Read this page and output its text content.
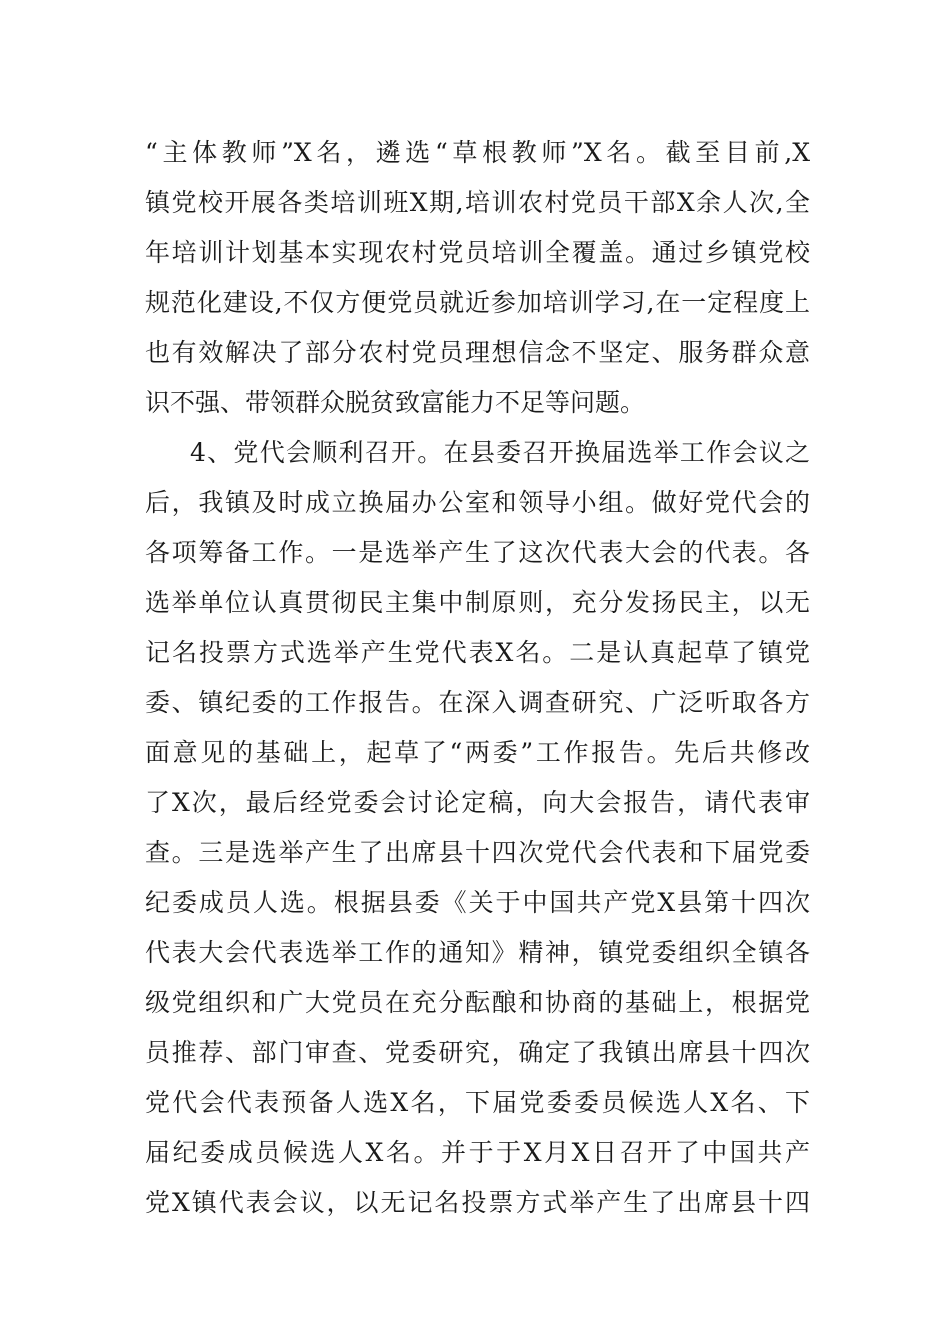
“主体教师”X名，遴选“草根教师”X名。截至目前,X
镇党校开展各类培训班X期,培训农村党员干部X余人次,全
年培训计划基本实现农村党员培训全覆盖。通过乡镇党校
规范化建设,不仅方便党员就近参加培训学习,在一定程度上
也有效解决了部分农村党员理想信念不坚定、服务群众意
识不强、带领群众脱贫致富能力不足等问题。
4、党代会顺利召开。在县委召开换届选举工作会议之
后，我镇及时成立换届办公室和领导小组。做好党代会的
各项筹备工作。一是选举产生了这次代表大会的代表。各
选举单位认真贯彻民主集中制原则，充分发扬民主，以无
记名投票方式选举产生党代表X名。二是认真起草了镇党
委、镇纪委的工作报告。在深入调查研究、广泛听取各方
面意见的基础上，起草了“两委”工作报告。先后共修改
了X次，最后经党委会讨论定稿，向大会报告，请代表审
查。三是选举产生了出席县十四次党代会代表和下届党委
纪委成员人选。根据县委《关于中国共产党X县第十四次
代表大会代表选举工作的通知》精神，镇党委组织全镇各
级党组织和广大党员在充分酝酿和协商的基础上，根据党
员推荐、部门审查、党委研究，确定了我镇出席县十四次
党代会代表预备人选X名，下届党委委员候选人X名、下
届纪委成员候选人X名。并于于X月X日召开了中国共产
党X镇代表会议，以无记名投票方式举产生了出席县十四
